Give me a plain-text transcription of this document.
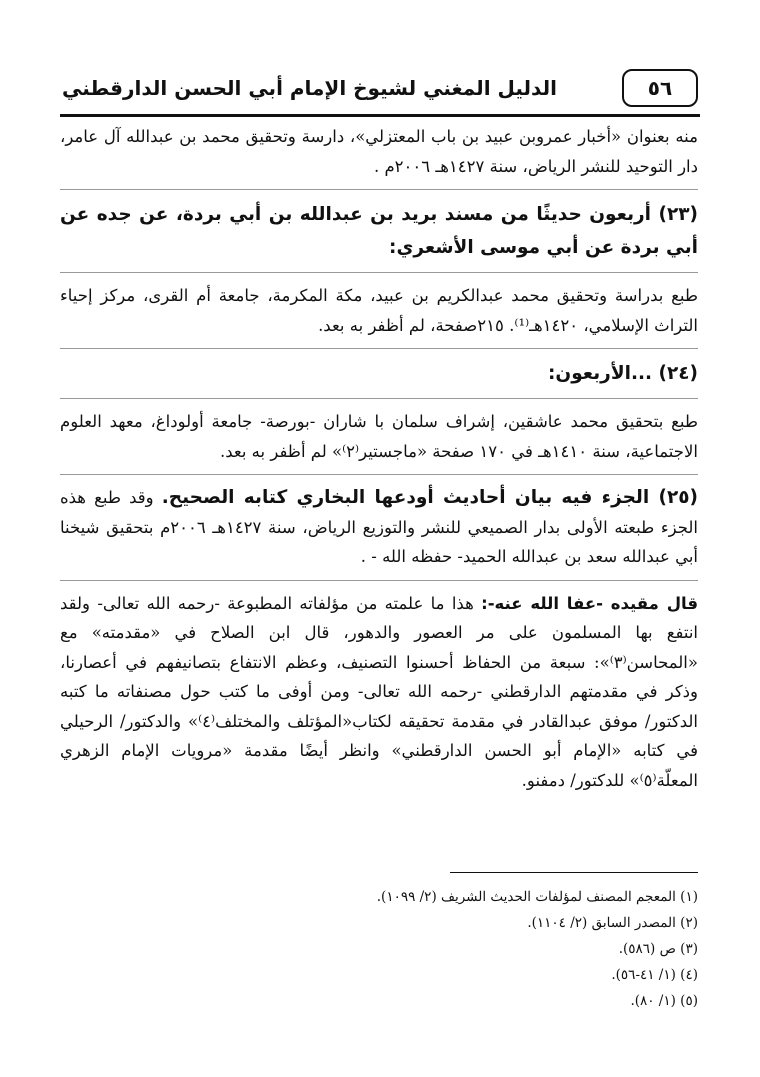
٥٦
الدليل المغني لشيوخ الإمام أبي الحسن الدارقطني

منه بعنوان «أخبار عمروبن عبيد بن باب المعتزلي»، دارسة وتحقيق محمد بن عبدالله آل عامر، دار التوحيد للنشر الرياض، سنة ١٤٢٧هـ ٢٠٠٦م .

(٢٣) أربعون حديثًا من مسند بريد بن عبدالله بن أبي بردة، عن جده عن أبي بردة عن أبي موسى الأشعري:

طبع بدراسة وتحقيق محمد عبدالكريم بن عبيد، مكة المكرمة، جامعة أم القرى، مركز إحياء التراث الإسلامي، ١٤٢٠هـ⁽¹⁾. ٢١٥صفحة، لم أظفر به بعد.

(٢٤) ...الأربعون:

طبع بتحقيق محمد عاشقين، إشراف سلمان با شاران -بورصة- جامعة أولوداغ، معهد العلوم الاجتماعية، سنة ١٤١٠هـ في ١٧٠ صفحة «ماجستير⁽٢⁾» لم أظفر به بعد.

(٢٥) الجزء فيه بيان أحاديث أودعها البخاري كتابه الصحيح. وقد طبع هذه الجزء طبعته الأولى بدار الصميعي للنشر والتوزيع الرياض، سنة ١٤٢٧هـ ٢٠٠٦م بتحقيق شيخنا أبي عبدالله سعد بن عبدالله الحميد- حفظه الله - .

قال مقيده -عفا الله عنه-: هذا ما علمته من مؤلفاته المطبوعة -رحمه الله تعالى- ولقد انتفع بها المسلمون على مر العصور والدهور، قال ابن الصلاح في «مقدمته» مع «المحاسن⁽٣⁾»: سبعة من الحفاظ أحسنوا التصنيف، وعظم الانتفاع بتصانيفهم في أعصارنا، وذكر في مقدمتهم الدارقطني -رحمه الله تعالى- ومن أوفى ما كتب حول مصنفاته ما كتبه الدكتور/ موفق عبدالقادر في مقدمة تحقيقه لكتاب«المؤتلف والمختلف⁽٤⁾» والدكتور/ الرحيلي في كتابه «الإمام أبو الحسن الدارقطني» وانظر أيضًا مقدمة «مرويات الإمام الزهري المعلّة⁽٥⁾» للدكتور/ دمفنو.

(١) المعجم المصنف لمؤلفات الحديث الشريف (٢/ ١٠٩٩).
(٢) المصدر السابق (٢/ ١١٠٤).
(٣) ص (٥٨٦).
(٤) (١/ ٤١-٥٦).
(٥) (١/ ٨٠).
